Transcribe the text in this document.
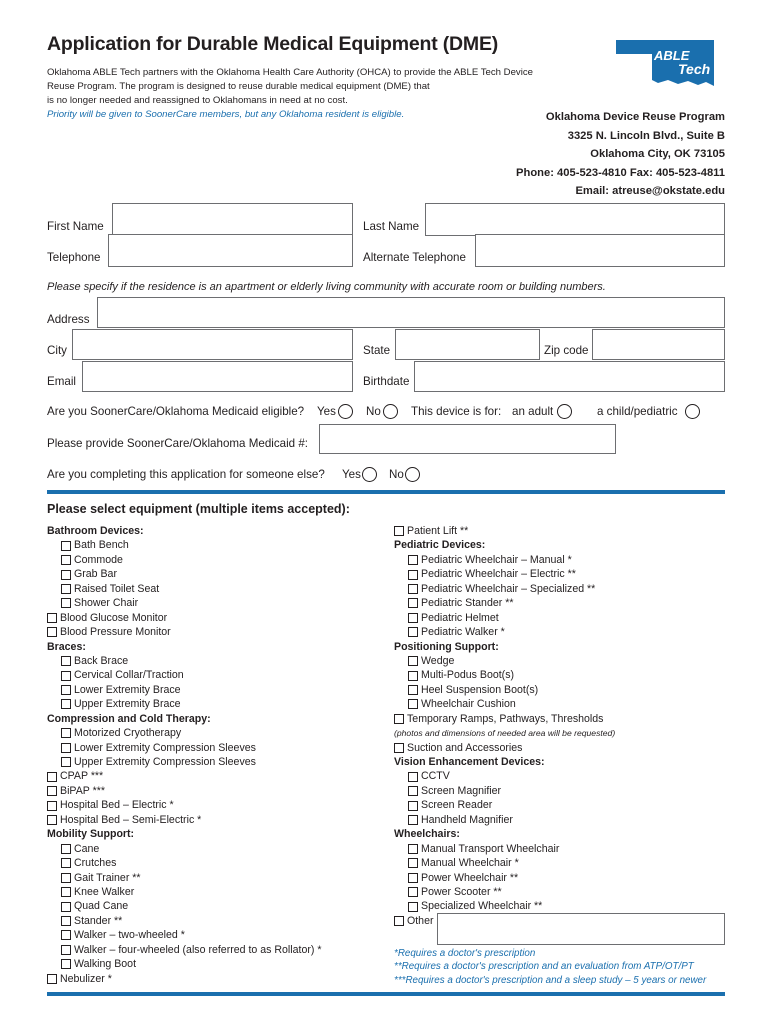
Application for Durable Medical Equipment (DME)
Oklahoma ABLE Tech partners with the Oklahoma Health Care Authority (OHCA) to provide the ABLE Tech Device
Reuse Program. The program is designed to reuse durable medical equipment (DME) that
is no longer needed and reassigned to Oklahomans in need at no cost.
Priority will be given to SoonerCare members, but any Oklahoma resident is eligible.
ABLE
Tech
Oklahoma Device Reuse Program
3325 N. Lincoln Blvd., Suite B
Oklahoma City, OK 73105
Phone: 405-523-4810 Fax: 405-523-4811
Email: atreuse@okstate.edu
First Name	Last Name
Telephone	Alternate Telephone
Please specify if the residence is an apartment or elderly living community with accurate room or building numbers.
Address
City	State	Zip code
Email	Birthdate
Are you SoonerCare/Oklahoma Medicaid eligible? Yes	No	This device is for: an adult	a child/pediatric
Please provide SoonerCare/Oklahoma Medicaid #:
Are you completing this application for someone else? Yes No
Please select equipment (multiple items accepted):
Bathroom Devices:
Bath Bench
Commode
Grab Bar
Raised Toilet Seat
Shower Chair
Blood Glucose Monitor
Blood Pressure Monitor
Braces:
Back Brace
Cervical Collar/Traction
Lower Extremity Brace
Upper Extremity Brace
Compression and Cold Therapy:
Motorized Cryotherapy
Lower Extremity Compression Sleeves
Upper Extremity Compression Sleeves
CPAP ***
BiPAP ***
Hospital Bed – Electric *
Hospital Bed – Semi-Electric *
Mobility Support:
Cane
Crutches
Gait Trainer **
Knee Walker
Quad Cane
Stander **
Walker – two-wheeled *
Walker – four-wheeled (also referred to as Rollator) *
Walking Boot
Nebulizer *
Patient Lift **
Pediatric Devices:
Pediatric Wheelchair – Manual *
Pediatric Wheelchair – Electric **
Pediatric Wheelchair – Specialized **
Pediatric Stander **
Pediatric Helmet
Pediatric Walker *
Positioning Support:
Wedge
Multi-Podus Boot(s)
Heel Suspension Boot(s)
Wheelchair Cushion
Temporary Ramps, Pathways, Thresholds
(photos and dimensions of needed area will be requested)
Suction and Accessories
Vision Enhancement Devices:
CCTV
Screen Magnifier
Screen Reader
Handheld Magnifier
Wheelchairs:
Manual Transport Wheelchair
Manual Wheelchair *
Power Wheelchair **
Power Scooter **
Specialized Wheelchair **
Other
*Requires a doctor's prescription
**Requires a doctor's prescription and an evaluation from ATP/OT/PT
***Requires a doctor's prescription and a sleep study – 5 years or newer
